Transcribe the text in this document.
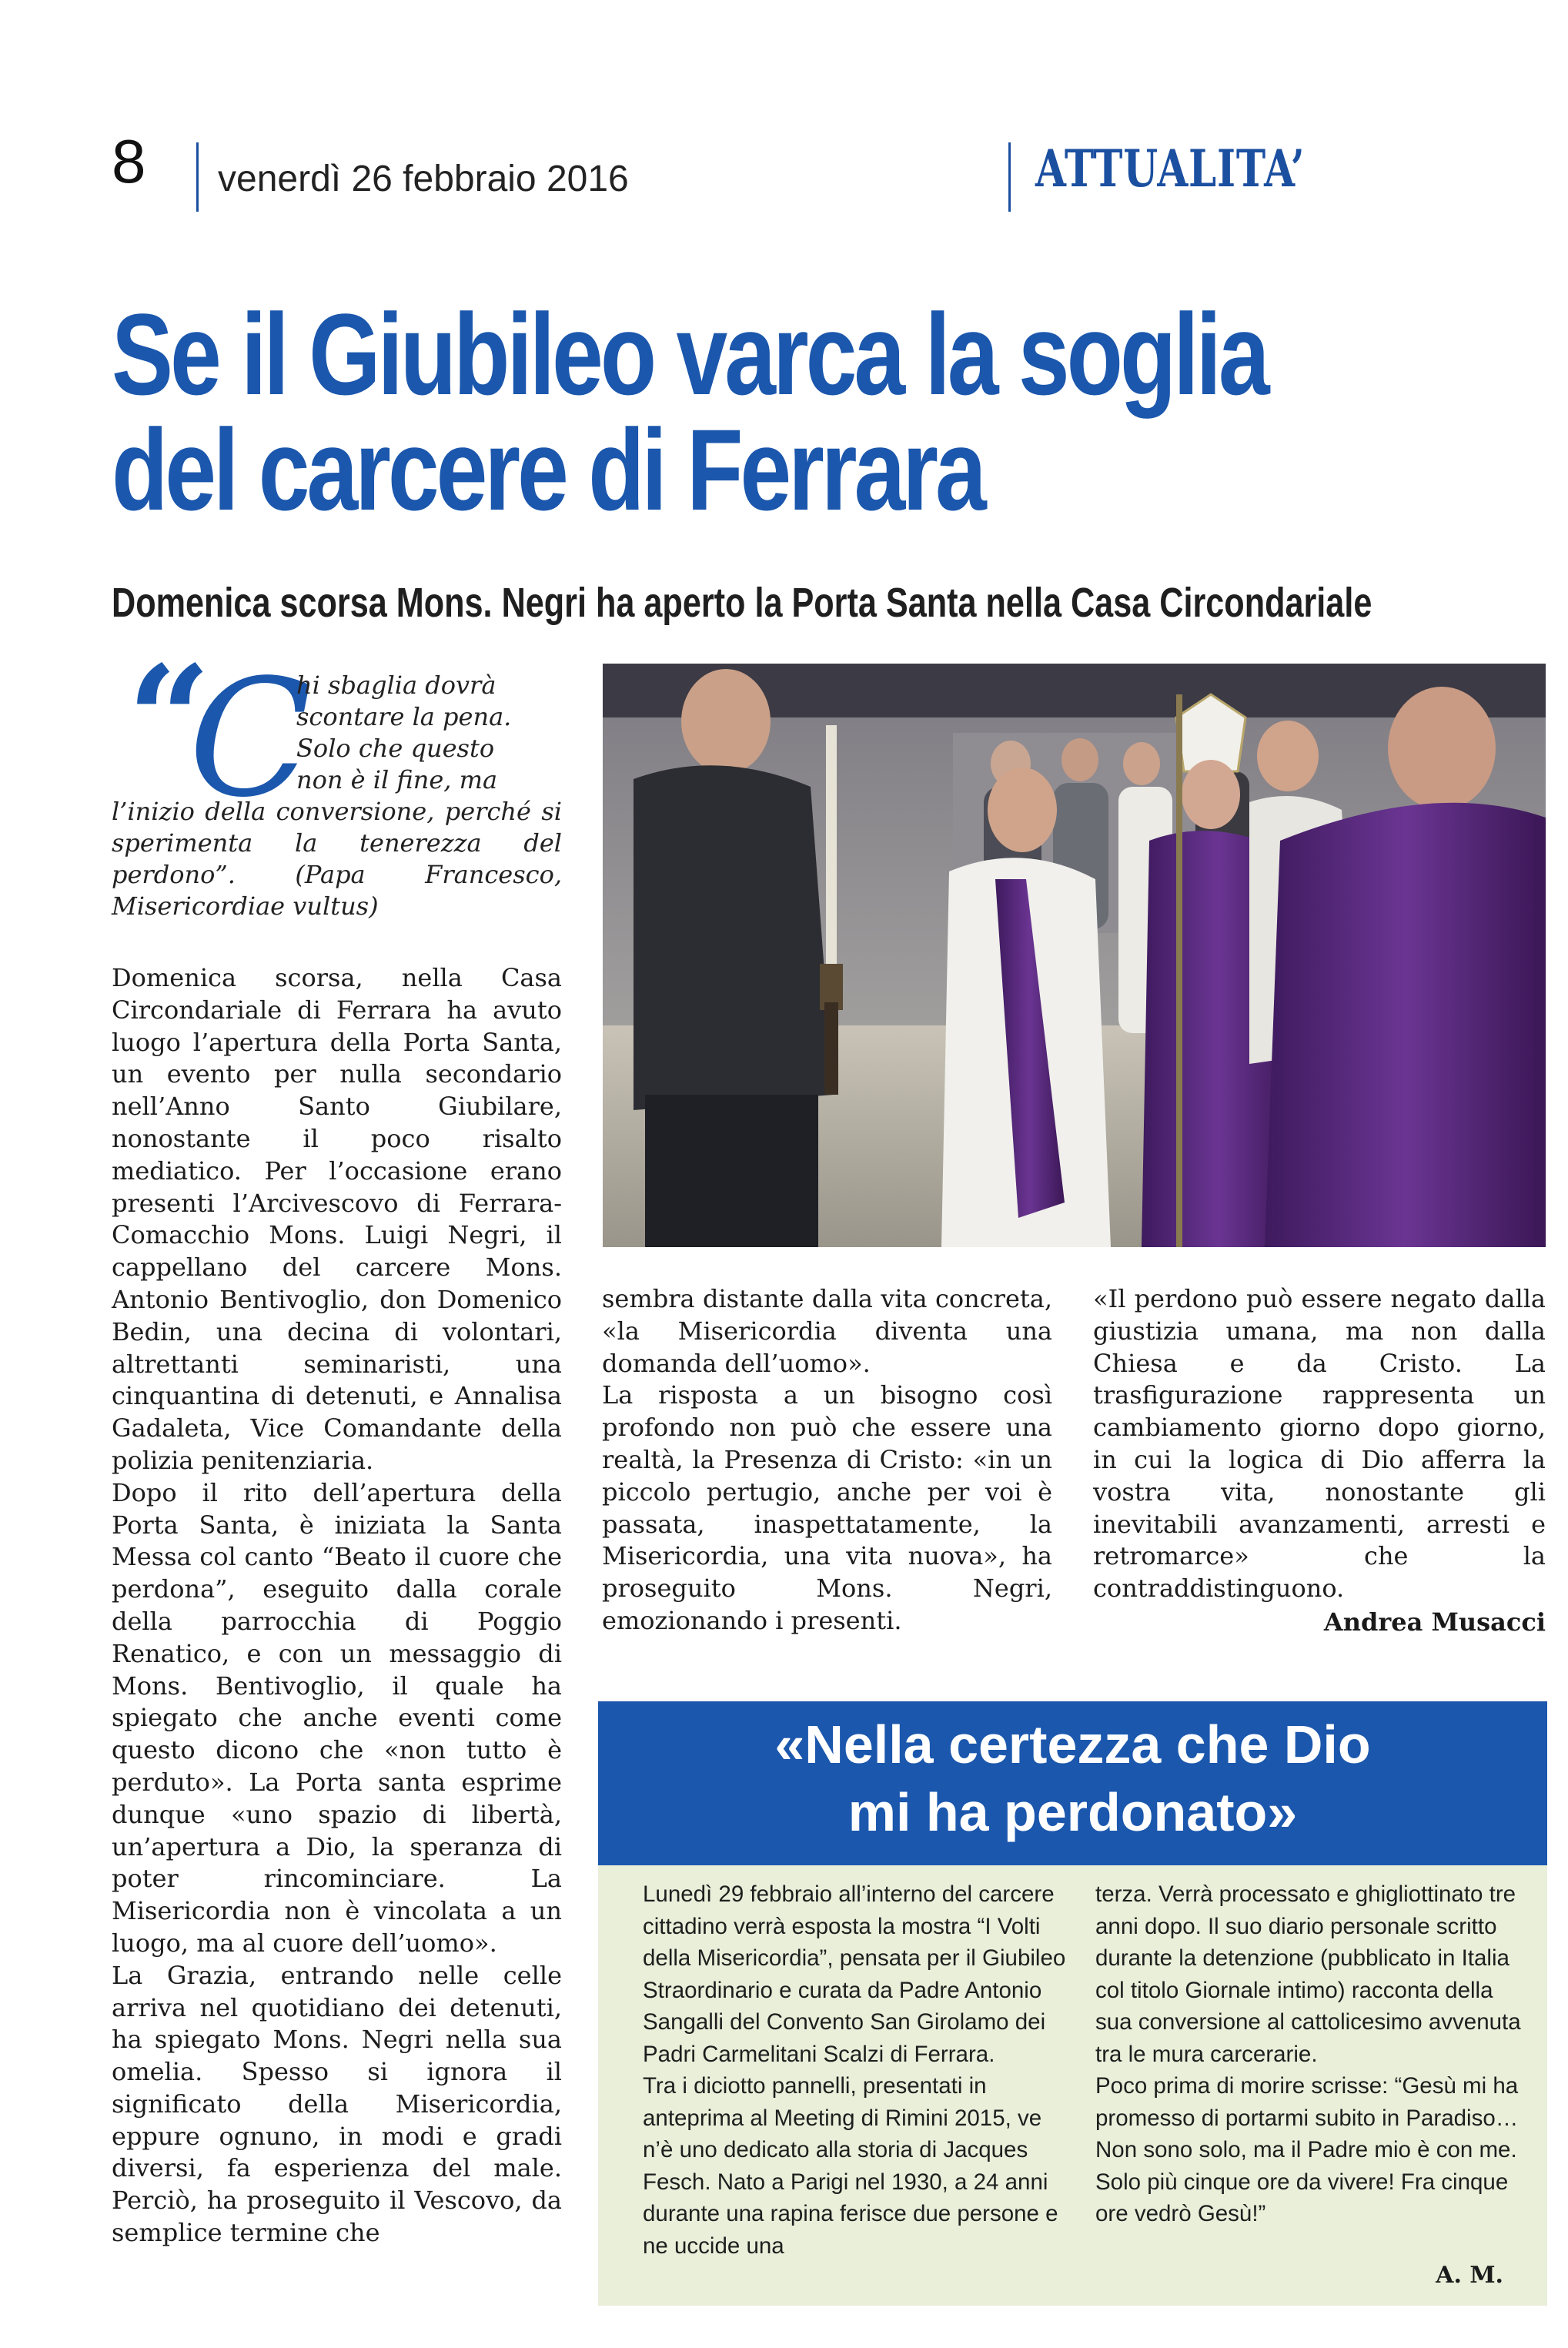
8 venerdì 26 febbraio 2016	ATTUALITA’
Se il Giubileo varca la soglia
del carcere di Ferrara
Domenica scorsa Mons. Negri ha aperto la Porta Santa nella Casa Circondariale
“
C
hi sbaglia dovrà
scontare la pena.
Solo che questo
non è il fine, ma
l’inizio della conversione, perché si sperimenta la tenerezza del perdono”. (Papa Francesco, Misericordiae vultus)

Domenica scorsa, nella Casa Circondariale di Ferrara ha avuto luogo l’apertura della Porta Santa, un evento per nulla secondario nell’Anno Santo Giubilare, nonostante il poco risalto mediatico. Per l’occasione erano presenti l’Arcivescovo di Ferrara-Comacchio Mons. Luigi Negri, il cappellano del carcere Mons. Antonio Bentivoglio, don Domenico Bedin, una decina di volontari, altrettanti seminaristi, una cinquantina di detenuti, e Annalisa Gadaleta, Vice Comandante della polizia penitenziaria.

Dopo il rito dell’apertura della Porta Santa, è iniziata la Santa Messa col canto “Beato il cuore che perdona”, eseguito dalla corale della parrocchia di Poggio Renatico, e con un messaggio di Mons. Bentivoglio, il quale ha spiegato che anche eventi come questo dicono che «non tutto è perduto». La Porta santa esprime dunque «uno spazio di libertà, un’apertura a Dio, la speranza di poter rincominciare. La Misericordia non è vincolata a un luogo, ma al cuore dell’uomo».

La Grazia, entrando nelle celle arriva nel quotidiano dei detenuti, ha spiegato Mons. Negri nella sua omelia. Spesso si ignora il significato della Misericordia, eppure ognuno, in modi e gradi diversi, fa esperienza del male. Perciò, ha proseguito il Vescovo, da semplice termine che

sembra distante dalla vita concreta, «la Misericordia diventa una domanda dell’uomo».

La risposta a un bisogno così profondo non può che essere una realtà, la Presenza di Cristo: «in un piccolo pertugio, anche per voi è passata, inaspettatamente, la Misericordia, una vita nuova», ha proseguito Mons. Negri, emozionando i presenti.

«Il perdono può essere negato dalla giustizia umana, ma non dalla Chiesa e da Cristo. La trasfigurazione rappresenta un cambiamento giorno dopo giorno, in cui la logica di Dio afferra la vostra vita, nonostante gli inevitabili avanzamenti, arresti e retromarce» che la contraddistinguono.

Andrea Musacci
«Nella certezza che Dio
mi ha perdonato»

Lunedì 29 febbraio all’interno del carcere cittadino verrà esposta la mostra “I Volti della Misericordia”, pensata per il Giubileo Straordinario e curata da Padre Antonio Sangalli del Convento San Girolamo dei Padri Carmelitani Scalzi di Ferrara.

Tra i diciotto pannelli, presentati in anteprima al Meeting di Rimini 2015, ve n’è uno dedicato alla storia di Jacques Fesch. Nato a Parigi nel 1930, a 24 anni durante una rapina ferisce due persone e ne uccide una

terza. Verrà processato e ghigliottinato tre anni dopo. Il suo diario personale scritto durante la detenzione (pubblicato in Italia col titolo Giornale intimo) racconta della sua conversione al cattolicesimo avvenuta tra le mura carcerarie.

Poco prima di morire scrisse: “Gesù mi ha promesso di portarmi subito in Paradiso…Non sono solo, ma il Padre mio è con me. Solo più cinque ore da vivere! Fra cinque ore vedrò Gesù!”

A. M.
